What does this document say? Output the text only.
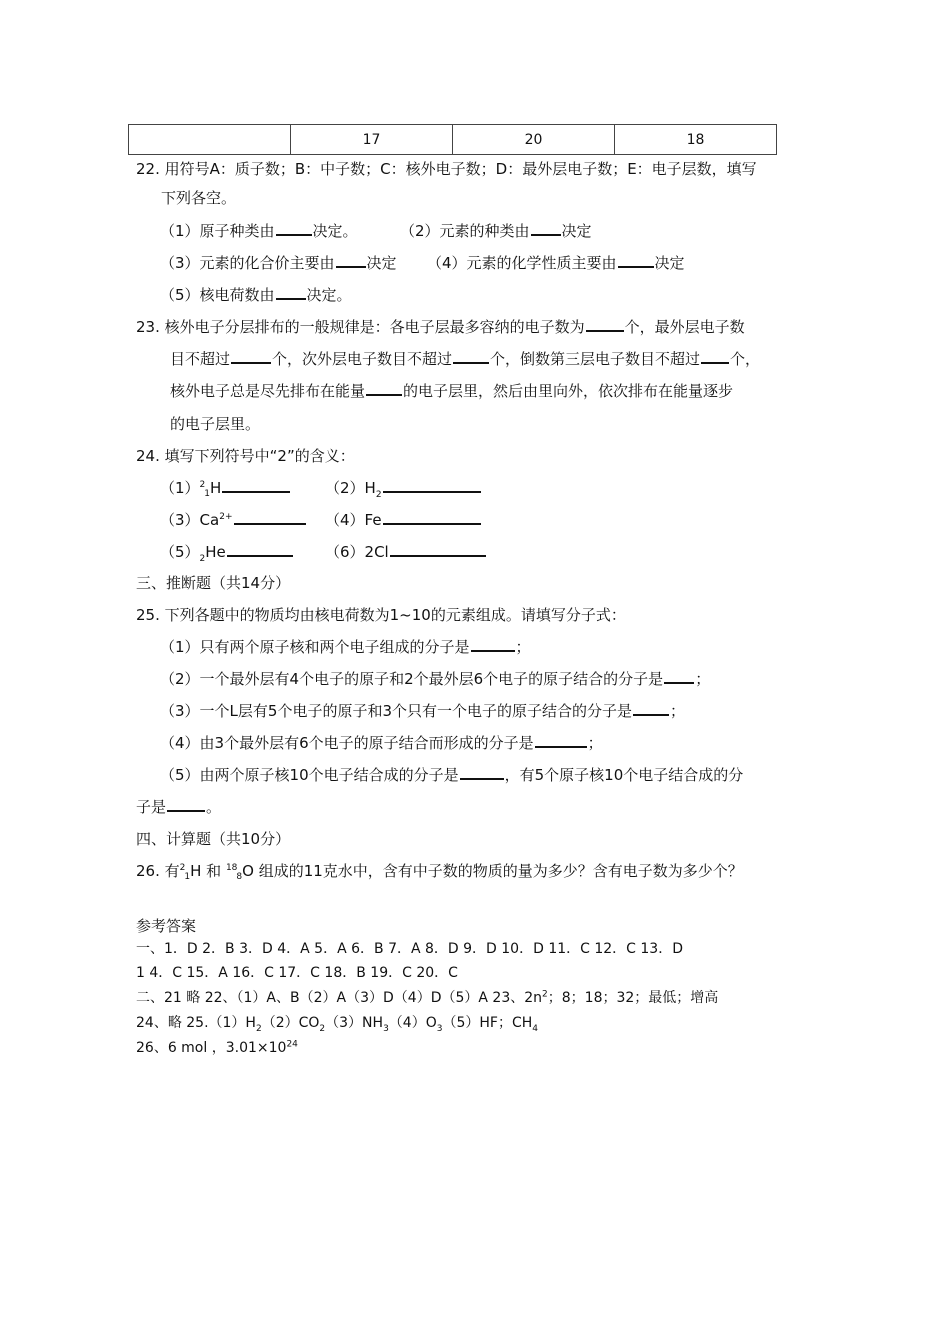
	17	20	18
22. 用符号A：质子数；B：中子数；C：核外电子数；D：最外层电子数；E：电子层数，填写
下列各空。
（1）原子种类由	决定。	（2）元素的种类由 决定
（3）元素的化合价主要由 决定 （4）元素的化学性质主要由	决定
（5）核电荷数由 决定。
23. 核外电子分层排布的一般规律是：各电子层最多容纳的电子数为	个，最外层电子数
目不超过	个，次外层电子数目不超过	个，倒数第三层电子数目不超过 个，
核外电子总是尽先排布在能量	的电子层里，然后由里向外，依次排布在能量逐步
的电子层里。
24. 填写下列符号中“2”的含义：
（1）21H	$(2)H_2$
$(3)Ca^{2+}$	（4）Fe
$(5)_2He$	（6）2Cl
三、推断题（共14分）
25. 下列各题中的物质均由核电荷数为1~10的元素组成。请填写分子式：
（1）只有两个原子核和两个电子组成的分子是	；
（2）一个最外层有4个电子的原子和2个最外层6个电子的原子结合的分子是 ；
（3）一个L层有5个电子的原子和3个只有一个电子的原子结合的分子是	；
（4）由3个最外层有6个电子的原子结合而形成的分子是	；
（5）由两个原子核10个电子结合成的分子是	，有5个原子核10个电子结合成的分
子是	。
四、计算题（共10分）
26. 有21H 和 188O 组成的11克水中，含有中子数的物质的量为多少？含有电子数为多少个？
参考答案
一、1．D 2．B 3．D 4．A 5．A 6．B 7．A 8．D 9．D 10．D 11．C 12．C 13．D
1 4．C 15．A 16．C 17．C 18．B 19．C 20．C
二、21 略 22、（1）A、B（2）A（3）D（4）D（5）A 23、$2n^2$；8；18；32；最低；增高
24、略 $25.(1)H_2(2)CO_2(3)NH_3(4)O_3(5)HF$；$CH_4$
26、6 mol ，$3.01\times 10^{24}$
